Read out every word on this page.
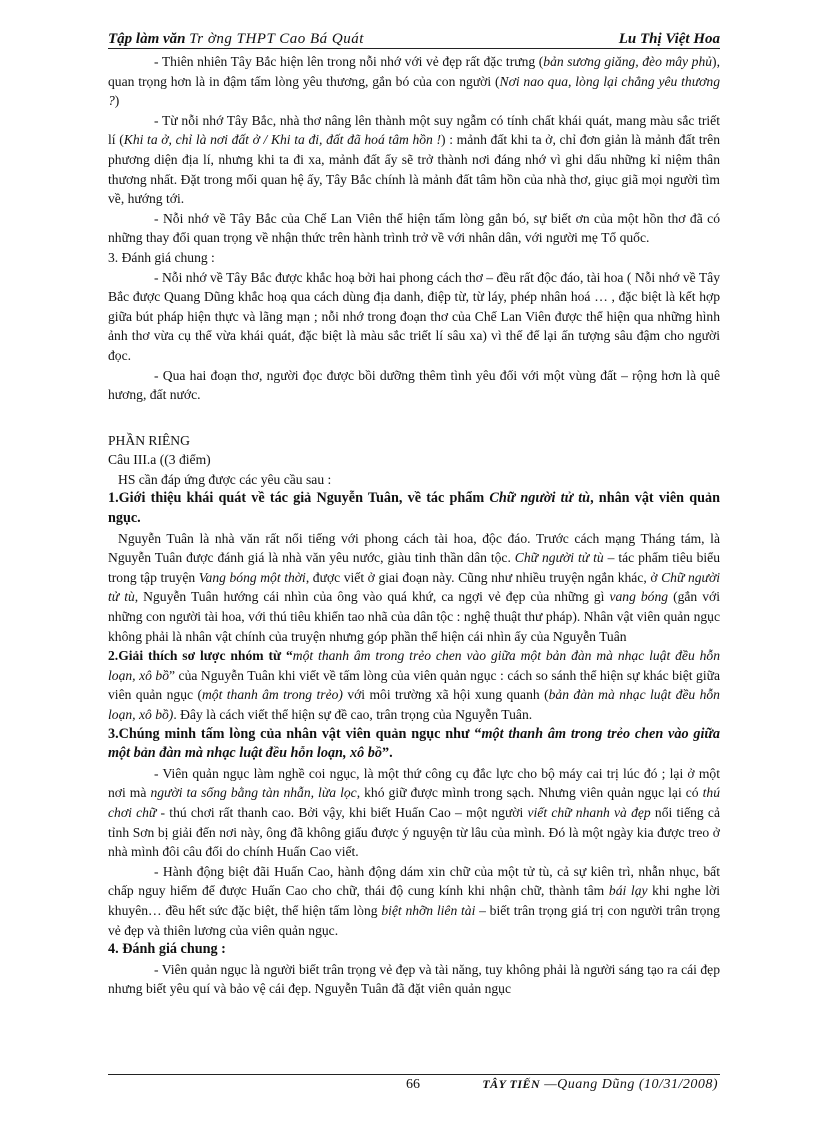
Tập làm văn Tr ờng THPT Cao Bá Quát	Lu Thị Việt Hoa

- Thiên nhiên Tây Bắc hiện lên trong nỗi nhớ với vẻ đẹp rất đặc trưng (bản sương giăng, đèo mây phủ), quan trọng hơn là in đậm tấm lòng yêu thương, gắn bó của con người (Nơi nao qua, lòng lại chẳng yêu thương ?)

- Từ nỗi nhớ Tây Bắc, nhà thơ nâng lên thành một suy ngẫm có tính chất khái quát, mang màu sắc triết lí (Khi ta ở, chỉ là nơi đất ở / Khi ta đi, đất đã hoá tâm hồn !) : mảnh đất khi ta ở, chỉ đơn giản là mảnh đất trên phương diện địa lí, nhưng khi ta đi xa, mảnh đất ấy sẽ trở thành nơi đáng nhớ vì ghi dấu những kỉ niệm thân thương nhất. Đặt trong mối quan hệ ấy, Tây Bắc chính là mảnh đất tâm hồn của nhà thơ, giục giã mọi người tìm về, hướng tới.

- Nỗi nhớ về Tây Bắc của Chế Lan Viên thể hiện tấm lòng gắn bó, sự biết ơn của một hồn thơ đã có những thay đổi quan trọng về nhận thức trên hành trình trở về với nhân dân, với người mẹ Tổ quốc.

3. Đánh giá chung :

- Nỗi nhớ về Tây Bắc được khắc hoạ bởi hai phong cách thơ – đều rất độc đáo, tài hoa ( Nỗi nhớ về Tây Bắc được Quang Dũng khắc hoạ qua cách dùng địa danh, điệp từ, từ láy, phép nhân hoá … , đặc biệt là kết hợp giữa bút pháp hiện thực và lãng mạn ; nỗi nhớ trong đoạn thơ của Chế Lan Viên được thể hiện qua những hình ảnh thơ vừa cụ thể vừa khái quát, đặc biệt là màu sắc triết lí sâu xa) vì thế để lại ấn tượng sâu đậm cho người đọc.

- Qua hai đoạn thơ, người đọc được bồi dưỡng thêm tình yêu đối với một vùng đất – rộng hơn là quê hương, đất nước.

PHẦN RIÊNG

Câu III.a ((3 điểm)

HS cần đáp ứng được các yêu cầu sau :

1.Giới thiệu khái quát về tác giả Nguyễn Tuân, về tác phẩm Chữ người tử tù, nhân vật viên quản ngục.

Nguyễn Tuân là nhà văn rất nổi tiếng với phong cách tài hoa, độc đáo. Trước cách mạng Tháng tám, là Nguyễn Tuân được đánh giá là nhà văn yêu nước, giàu tinh thần dân tộc. Chữ người tử tù – tác phẩm tiêu biểu trong tập truyện Vang bóng một thời, được viết ở giai đoạn này. Cũng như nhiều truyện ngắn khác, ở Chữ người tử tù, Nguyễn Tuân hướng cái nhìn của ông vào quá khứ, ca ngợi vẻ đẹp của những gì vang bóng (gắn với những con người tài hoa, với thú tiêu khiển tao nhã của dân tộc : nghệ thuật thư pháp). Nhân vật viên quản ngục không phải là nhân vật chính của truyện nhưng góp phần thể hiện cái nhìn ấy của Nguyễn Tuân

2.Giải thích sơ lược nhóm từ “một thanh âm trong trẻo chen vào giữa một bản đàn mà nhạc luật đều hỗn loạn, xô bồ” của Nguyễn Tuân khi viết về tấm lòng của viên quản ngục : cách so sánh thể hiện sự khác biệt giữa viên quản ngục (một thanh âm trong trẻo) với môi trường xã hội xung quanh (bản đàn mà nhạc luật đều hỗn loạn, xô bồ). Đây là cách viết thể hiện sự đề cao, trân trọng của Nguyễn Tuân.

3.Chúng minh tấm lòng của nhân vật viên quản ngục như “một thanh âm trong trẻo chen vào giữa một bản đàn mà nhạc luật đều hỗn loạn, xô bồ”.

- Viên quản ngục làm nghề coi ngục, là một thứ công cụ đắc lực cho bộ máy cai trị lúc đó ; lại ở một nơi mà người ta sống bằng tàn nhẫn, lừa lọc, khó giữ được mình trong sạch. Nhưng viên quản ngục lại có thú chơi chữ - thú chơi rất thanh cao. Bởi vậy, khi biết Huấn Cao – một người viết chữ nhanh và đẹp nổi tiếng cả tỉnh Sơn bị giải đến nơi này, ông đã không giấu được ý nguyện từ lâu của mình. Đó là một ngày kia được treo ở nhà mình đôi câu đối do chính Huấn Cao viết.

- Hành động biệt đãi Huấn Cao, hành động dám xin chữ của một tử tù, cả sự kiên trì, nhẫn nhục, bất chấp nguy hiểm để được Huấn Cao cho chữ, thái độ cung kính khi nhận chữ, thành tâm bái lạy khi nghe lời khuyên… đều hết sức đặc biệt, thể hiện tấm lòng biệt nhỡn liên tài – biết trân trọng giá trị con người trân trọng vẻ đẹp và thiên lương của viên quản ngục.

4. Đánh giá chung :

- Viên quản ngục là người biết trân trọng vẻ đẹp và tài năng, tuy không phải là người sáng tạo ra cái đẹp nhưng biết yêu quí và bảo vệ cái đẹp. Nguyễn Tuân đã đặt viên quản ngục

66	TÂY TIẾN —Quang Dũng (10/31/2008)
